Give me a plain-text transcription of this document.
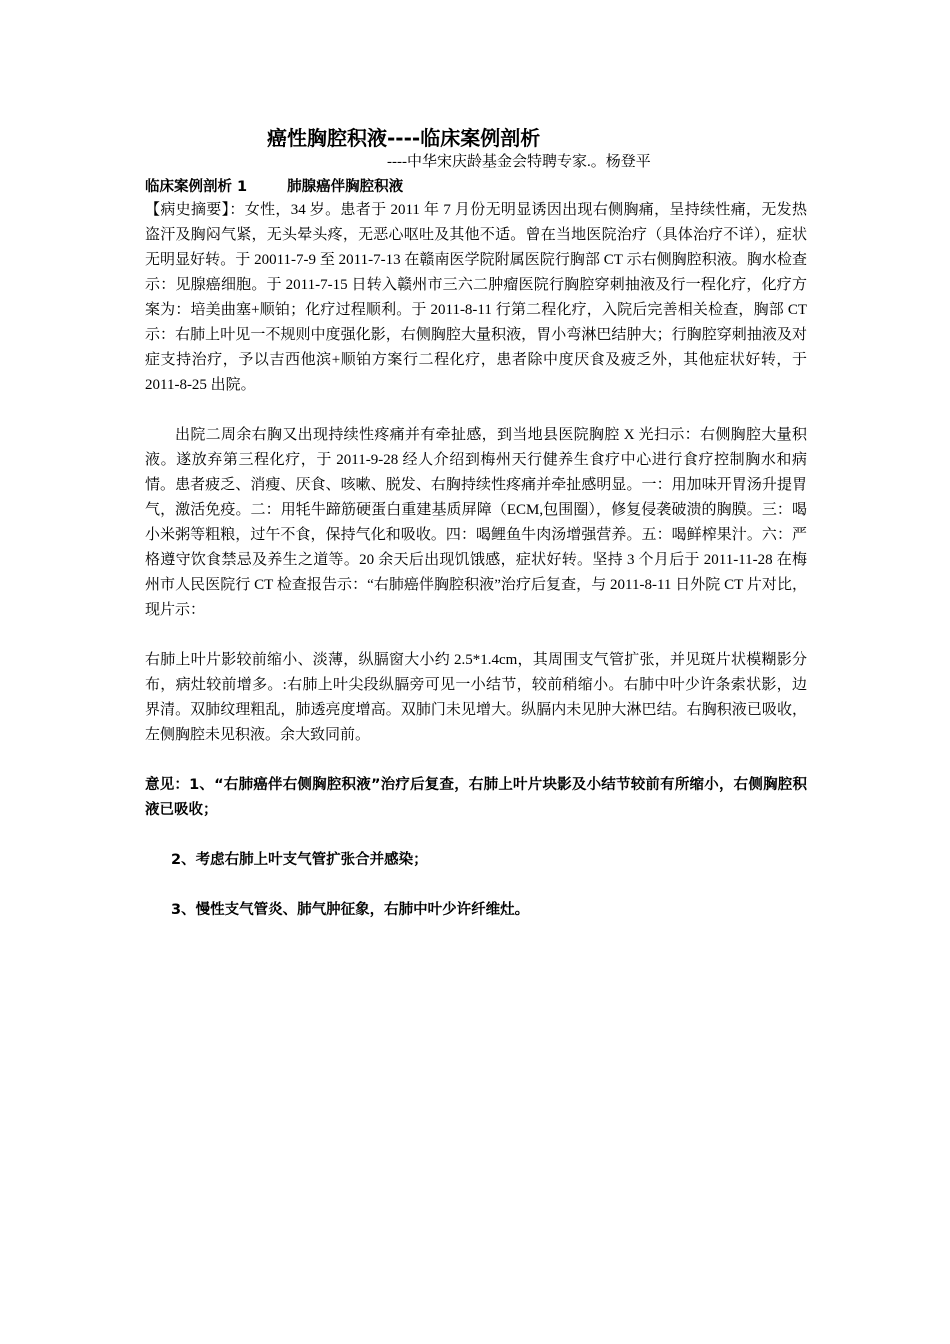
癌性胸腔积液----临床案例剖析
----中华宋庆龄基金会特聘专家.。杨登平
临床案例剖析 1	肺腺癌伴胸腔积液

【病史摘要】：女性，34 岁。患者于 2011 年 7 月份无明显诱因出现右侧胸痛，呈持续性痛，无发热盗汗及胸闷气紧，无头晕头疼，无恶心呕吐及其他不适。曾在当地医院治疗（具体治疗不详），症状无明显好转。于 20011-7-9 至 2011-7-13 在赣南医学院附属医院行胸部 CT 示右侧胸腔积液。胸水检查示：见腺癌细胞。于 2011-7-15 日转入赣州市三六二肿瘤医院行胸腔穿刺抽液及行一程化疗，化疗方案为：培美曲塞+顺铂；化疗过程顺利。于 2011-8-11 行第二程化疗，入院后完善相关检查，胸部 CT 示：右肺上叶见一不规则中度强化影，右侧胸腔大量积液，胃小弯淋巴结肿大；行胸腔穿刺抽液及对症支持治疗，予以吉西他滨+顺铂方案行二程化疗，患者除中度厌食及疲乏外，其他症状好转，于 2011-8-25 出院。

出院二周余右胸又出现持续性疼痛并有牵扯感，到当地县医院胸腔 X 光扫示：右侧胸腔大量积液。遂放弃第三程化疗，于 2011-9-28 经人介绍到梅州天行健养生食疗中心进行食疗控制胸水和病情。患者疲乏、消瘦、厌食、咳嗽、脱发、右胸持续性疼痛并牵扯感明显。一：用加味开胃汤升提胃气，激活免疫。二：用牦牛蹄筋硬蛋白重建基质屏障（ECM,包围圈），修复侵袭破溃的胸膜。三：喝小米粥等粗粮，过午不食，保持气化和吸收。四：喝鲤鱼牛肉汤增强营养。五：喝鲜榨果汁。六：严格遵守饮食禁忌及养生之道等。20 余天后出现饥饿感，症状好转。坚持 3 个月后于 2011-11-28 在梅州市人民医院行 CT 检查报告示：“右肺癌伴胸腔积液”治疗后复查，与 2011-8-11 日外院 CT 片对比，现片示：

右肺上叶片影较前缩小、淡薄，纵膈窗大小约 2.5*1.4cm，其周围支气管扩张，并见斑片状模糊影分布，病灶较前增多。:右肺上叶尖段纵膈旁可见一小结节，较前稍缩小。右肺中叶少许条索状影，边界清。双肺纹理粗乱，肺透亮度增高。双肺门未见增大。纵膈内未见肿大淋巴结。右胸积液已吸收，左侧胸腔未见积液。余大致同前。

意见：1、“右肺癌伴右侧胸腔积液”治疗后复查，右肺上叶片块影及小结节较前有所缩小，右侧胸腔积液已吸收；

2、考虑右肺上叶支气管扩张合并感染；

3、慢性支气管炎、肺气肿征象，右肺中叶少许纤维灶。
